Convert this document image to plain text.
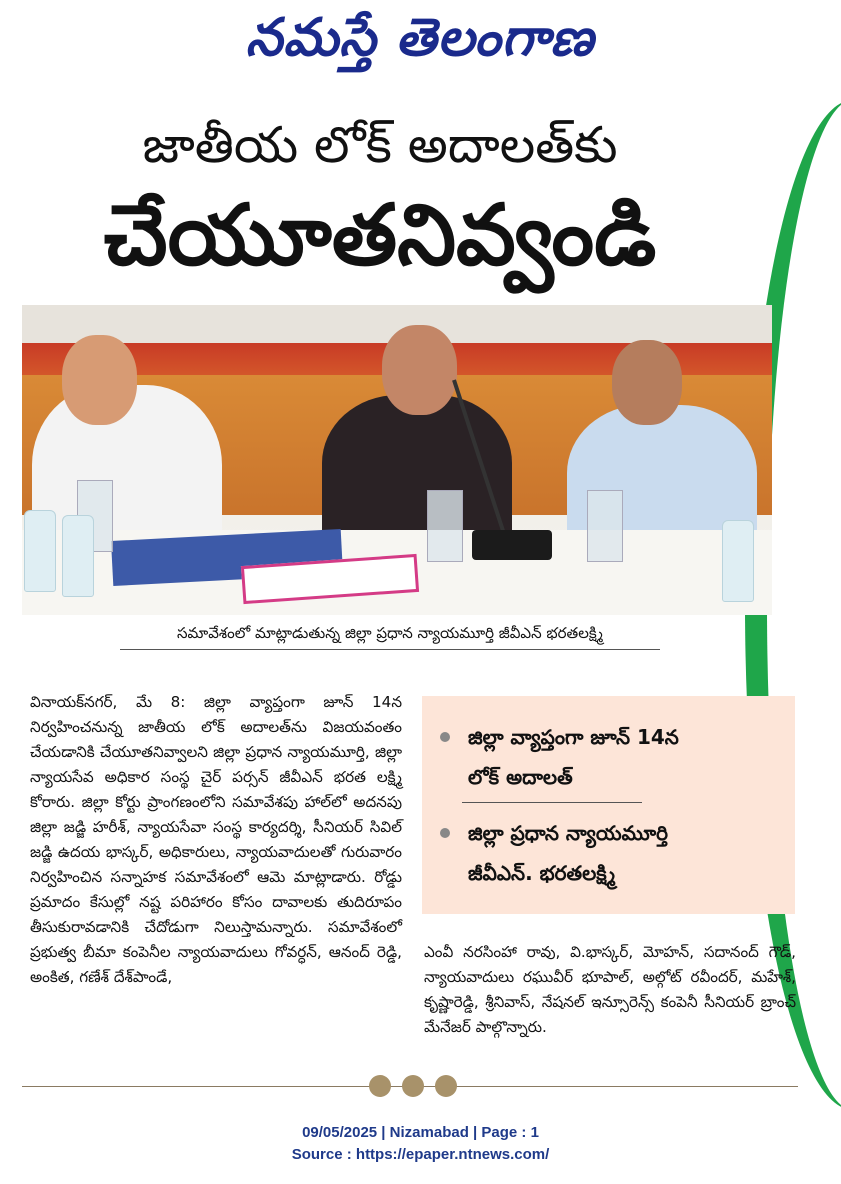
నమస్తే తెలంగాణ
జాతీయ లోక్ అదాలత్‌కు
చేయూతనివ్వండి
సమావేశంలో మాట్లాడుతున్న జిల్లా ప్రధాన న్యాయమూర్తి జీవీఎన్ భరతలక్ష్మి
వినాయక్‌నగర్, మే 8: జిల్లా వ్యాప్తంగా జూన్ 14న నిర్వహించనున్న జాతీయ లోక్ అదాలత్‌ను విజయవంతం చేయడానికి చేయూతనివ్వాలని జిల్లా ప్రధాన న్యాయమూర్తి, జిల్లా న్యాయసేవ అధికార సంస్థ చైర్ పర్సన్ జీవీఎన్ భరత లక్ష్మి కోరారు. జిల్లా కోర్టు ప్రాంగణంలోని సమావేశపు హాల్‌లో అదనపు జిల్లా జడ్జి హరీశ్, న్యాయసేవా సంస్థ కార్యదర్శి, సీనియర్ సివిల్ జడ్జి ఉదయ భాస్కర్, అధికారులు, న్యాయవాదులతో గురువారం నిర్వహించిన సన్నాహక సమావేశంలో ఆమె మాట్లాడారు. రోడ్డు ప్రమాదం కేసుల్లో నష్ట పరిహారం కోసం దావాలకు తుదిరూపం తీసుకురావడానికి చేదోడుగా నిలుస్తామన్నారు. సమావేశంలో ప్రభుత్వ బీమా కంపెనీల న్యాయవాదులు గోవర్ధన్, ఆనంద్ రెడ్డి, అంకిత, గణేశ్ దేశ్‌పాండే,
జిల్లా వ్యాప్తంగా జూన్ 14న
లోక్ అదాలత్
జిల్లా ప్రధాన న్యాయమూర్తి
జీవీఎన్. భరతలక్ష్మి
ఎంవీ నరసింహా రావు, వి.భాస్కర్, మోహన్, సదానంద్ గౌడ్, న్యాయవాదులు రఘువీర్ భూపాల్, అల్గోట్ రవీందర్, మహేశ్, కృష్ణారెడ్డి, శ్రీనివాస్, నేషనల్ ఇన్సూరెన్స్ కంపెనీ సీనియర్ బ్రాంచ్ మేనేజర్ పాల్గొన్నారు.
09/05/2025 | Nizamabad | Page : 1
Source : https://epaper.ntnews.com/
